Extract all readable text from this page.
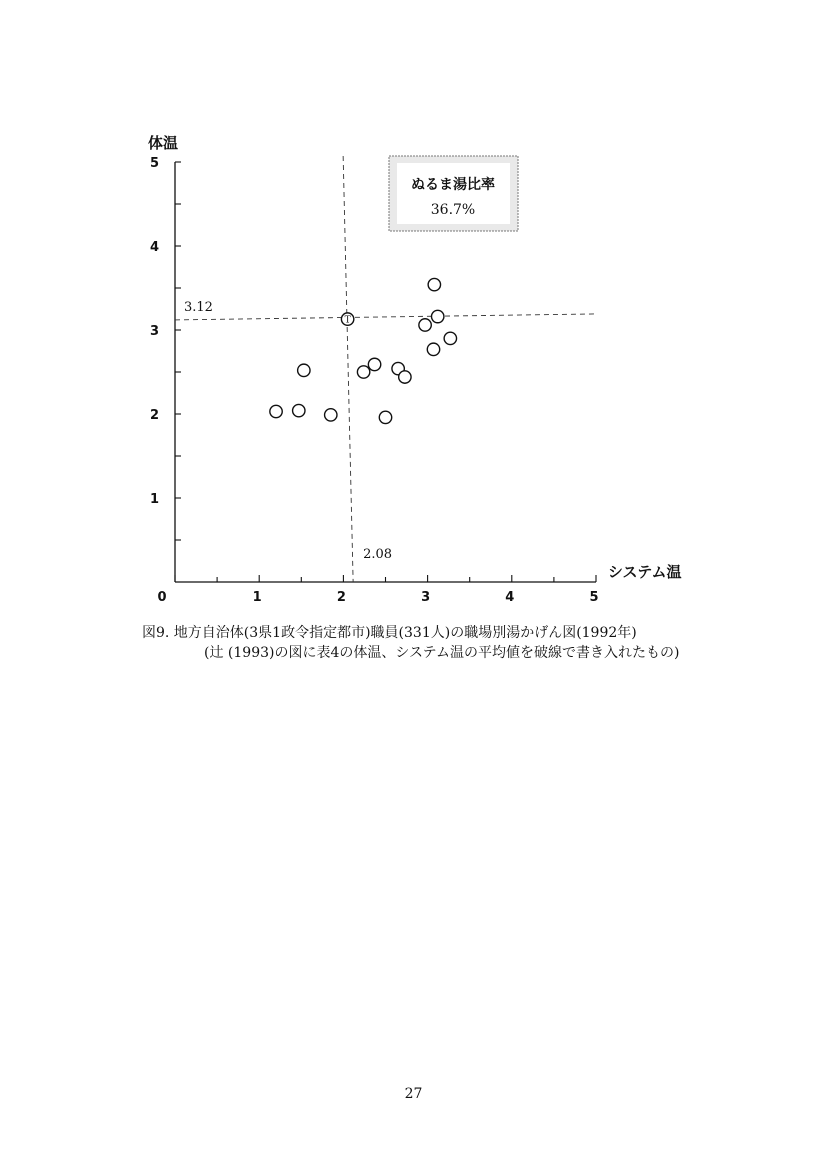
0	1	2	3	4	5
1
2
3
4
5
3.12
2.08
T
ぬるま湯比率
36.7%
体温
システム温
図9. 地方自治体(3県1政令指定都市)職員(331人)の職場別湯かげん図(1992年)
(辻 (1993)の図に表4の体温、システム温の平均値を破線で書き入れたもの)
27
